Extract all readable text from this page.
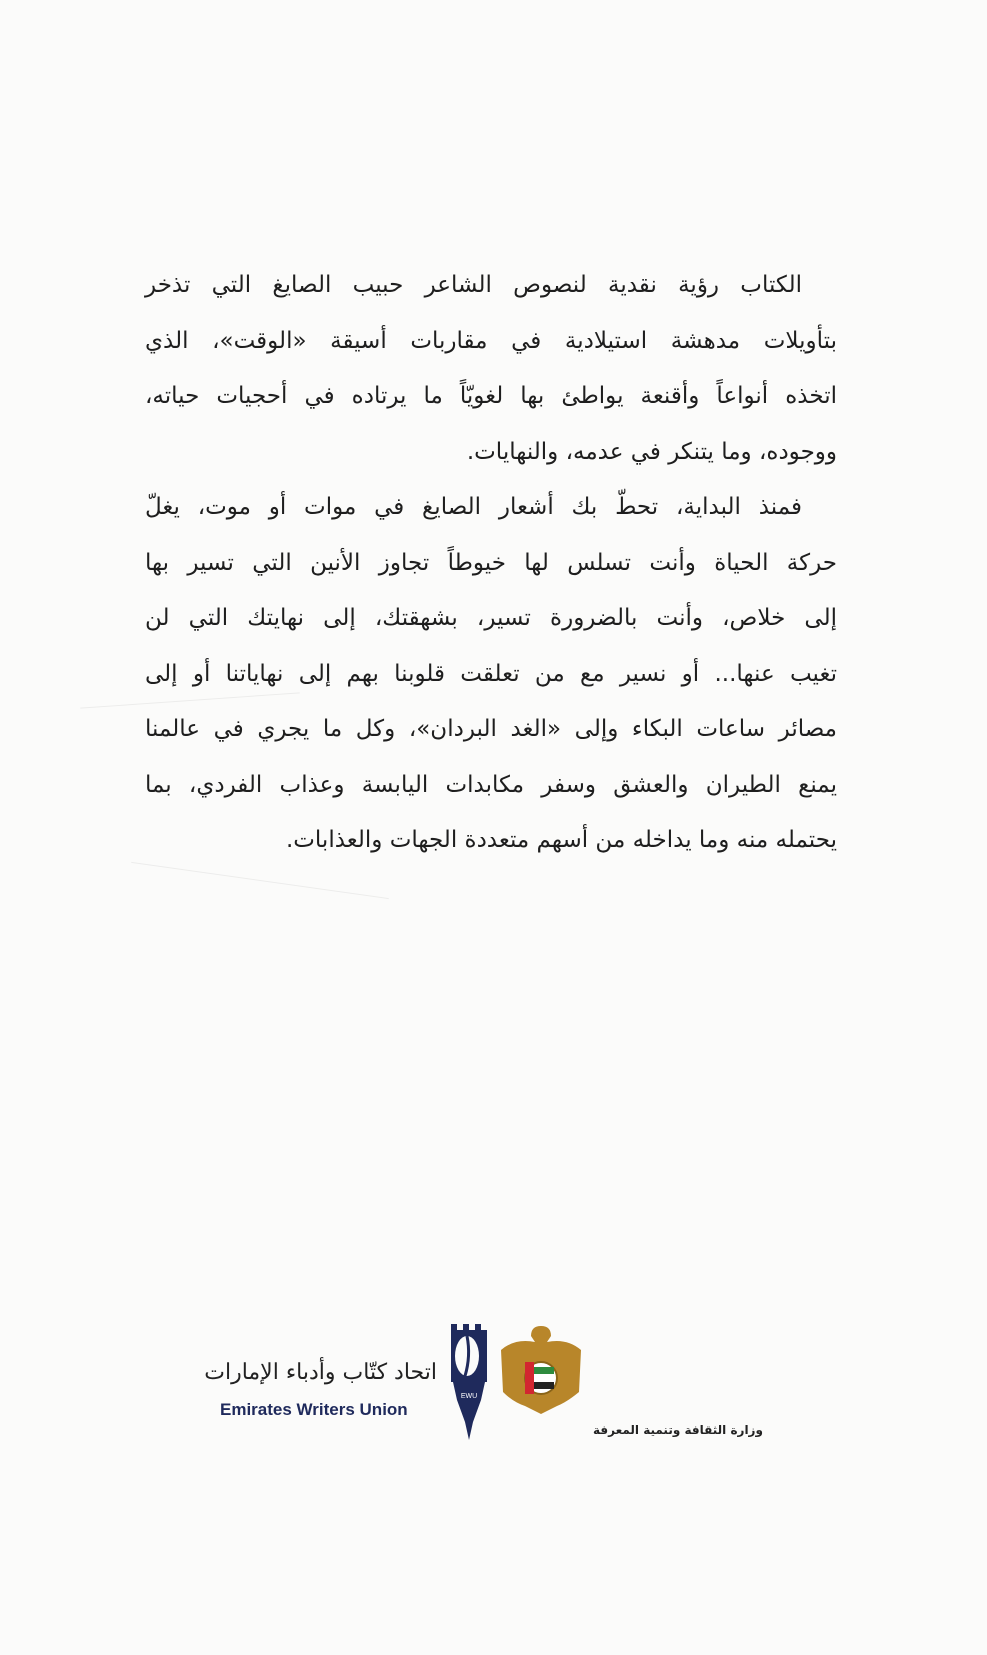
الكتاب رؤية نقدية لنصوص الشاعر حبيب الصايغ التي تذخر
بتأويلات مدهشة استيلادية في مقاربات أسيقة «الوقت»، الذي
اتخذه أنواعاً وأقنعة يواطئ بها لغويّاً ما يرتاده في أحجيات حياته،
ووجوده، وما يتنكر في عدمه، والنهايات.

فمنذ البداية، تحطّ بك أشعار الصايغ في موات أو موت، يغلّ
حركة الحياة وأنت تسلس لها خيوطاً تجاوز الأنين التي تسير بها
إلى خلاص، وأنت بالضرورة تسير، بشهقتك، إلى نهايتك التي لن
تغيب عنها... أو نسير مع من تعلقت قلوبنا بهم إلى نهاياتنا أو إلى
مصائر ساعات البكاء وإلى «الغد البردان»، وكل ما يجري في عالمنا
يمنع الطيران والعشق وسفر مكابدات اليابسة وعذاب الفردي، بما
يحتمله منه وما يداخله من أسهم متعددة الجهات والعذابات.

اتحاد كتّاب وأدباء الإمارات
Emirates Writers Union
EWU
وزارة الثقافة وتنمية المعرفة
